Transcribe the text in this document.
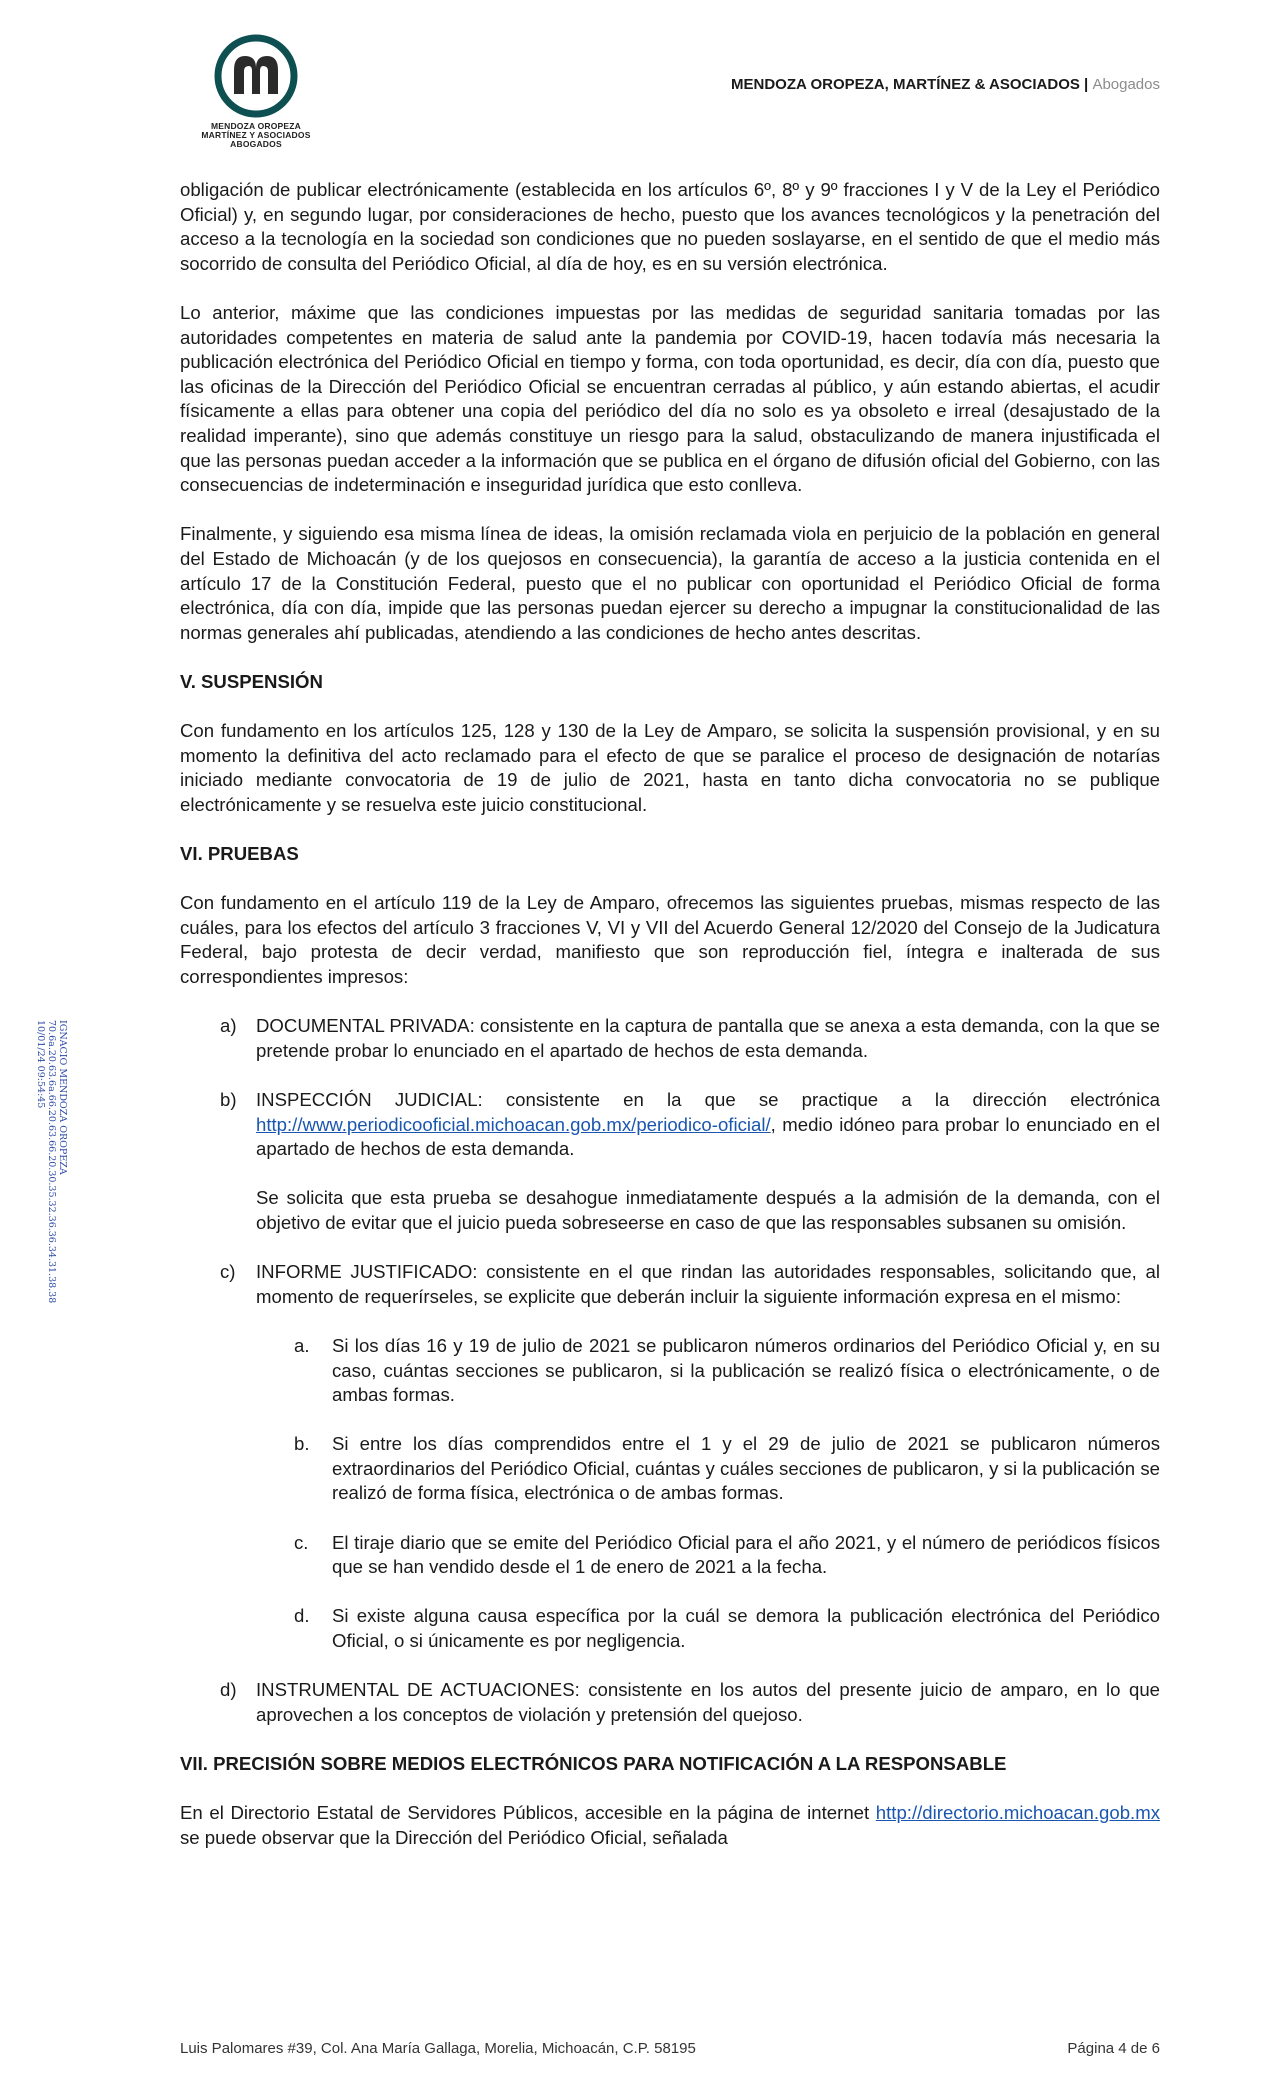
MENDOZA OROPEZA
MARTÍNEZ Y ASOCIADOS
ABOGADOS
MENDOZA OROPEZA, MARTÍNEZ & ASOCIADOS | Abogados
IGNACIO MENDOZA OROPEZA
70.6a.20.63.6a.66.20.63.66.20.30.35.32.36.36.34.31.38.38
10/01/24 09:54:45

obligación de publicar electrónicamente (establecida en los artículos 6º, 8º y 9º fracciones I y V de la Ley el Periódico Oficial) y, en segundo lugar, por consideraciones de hecho, puesto que los avances tecnológicos y la penetración del acceso a la tecnología en la sociedad son condiciones que no pueden soslayarse, en el sentido de que el medio más socorrido de consulta del Periódico Oficial, al día de hoy, es en su versión electrónica.

Lo anterior, máxime que las condiciones impuestas por las medidas de seguridad sanitaria tomadas por las autoridades competentes en materia de salud ante la pandemia por COVID-19, hacen todavía más necesaria la publicación electrónica del Periódico Oficial en tiempo y forma, con toda oportunidad, es decir, día con día, puesto que las oficinas de la Dirección del Periódico Oficial se encuentran cerradas al público, y aún estando abiertas, el acudir físicamente a ellas para obtener una copia del periódico del día no solo es ya obsoleto e irreal (desajustado de la realidad imperante), sino que además constituye un riesgo para la salud, obstaculizando de manera injustificada el que las personas puedan acceder a la información que se publica en el órgano de difusión oficial del Gobierno, con las consecuencias de indeterminación e inseguridad jurídica que esto conlleva.

Finalmente, y siguiendo esa misma línea de ideas, la omisión reclamada viola en perjuicio de la población en general del Estado de Michoacán (y de los quejosos en consecuencia), la garantía de acceso a la justicia contenida en el artículo 17 de la Constitución Federal, puesto que el no publicar con oportunidad el Periódico Oficial de forma electrónica, día con día, impide que las personas puedan ejercer su derecho a impugnar la constitucionalidad de las normas generales ahí publicadas, atendiendo a las condiciones de hecho antes descritas.

V. SUSPENSIÓN

Con fundamento en los artículos 125, 128 y 130 de la Ley de Amparo, se solicita la suspensión provisional, y en su momento la definitiva del acto reclamado para el efecto de que se paralice el proceso de designación de notarías iniciado mediante convocatoria de 19 de julio de 2021, hasta en tanto dicha convocatoria no se publique electrónicamente y se resuelva este juicio constitucional.

VI. PRUEBAS

Con fundamento en el artículo 119 de la Ley de Amparo, ofrecemos las siguientes pruebas, mismas respecto de las cuáles, para los efectos del artículo 3 fracciones V, VI y VII del Acuerdo General 12/2020 del Consejo de la Judicatura Federal, bajo protesta de decir verdad, manifiesto que son reproducción fiel, íntegra e inalterada de sus correspondientes impresos:

a)	DOCUMENTAL PRIVADA: consistente en la captura de pantalla que se anexa a esta demanda, con la que se pretende probar lo enunciado en el apartado de hechos de esta demanda.

b)	INSPECCIÓN JUDICIAL: consistente en la que se practique a la dirección electrónica http://www.periodicooficial.michoacan.gob.mx/periodico-oficial/, medio idóneo para probar lo enunciado en el apartado de hechos de esta demanda.

Se solicita que esta prueba se desahogue inmediatamente después a la admisión de la demanda, con el objetivo de evitar que el juicio pueda sobreseerse en caso de que las responsables subsanen su omisión.

c)	INFORME JUSTIFICADO: consistente en el que rindan las autoridades responsables, solicitando que, al momento de requerírseles, se explicite que deberán incluir la siguiente información expresa en el mismo:

a.	Si los días 16 y 19 de julio de 2021 se publicaron números ordinarios del Periódico Oficial y, en su caso, cuántas secciones se publicaron, si la publicación se realizó física o electrónicamente, o de ambas formas.

b.	Si entre los días comprendidos entre el 1 y el 29 de julio de 2021 se publicaron números extraordinarios del Periódico Oficial, cuántas y cuáles secciones de publicaron, y si la publicación se realizó de forma física, electrónica o de ambas formas.

c.	El tiraje diario que se emite del Periódico Oficial para el año 2021, y el número de periódicos físicos que se han vendido desde el 1 de enero de 2021 a la fecha.

d.	Si existe alguna causa específica por la cuál se demora la publicación electrónica del Periódico Oficial, o si únicamente es por negligencia.

d)	INSTRUMENTAL DE ACTUACIONES: consistente en los autos del presente juicio de amparo, en lo que aprovechen a los conceptos de violación y pretensión del quejoso.

VII. PRECISIÓN SOBRE MEDIOS ELECTRÓNICOS PARA NOTIFICACIÓN A LA RESPONSABLE

En el Directorio Estatal de Servidores Públicos, accesible en la página de internet http://directorio.michoacan.gob.mx se puede observar que la Dirección del Periódico Oficial, señalada

Luis Palomares #39, Col. Ana María Gallaga, Morelia, Michoacán, C.P. 58195	Página 4 de 6
